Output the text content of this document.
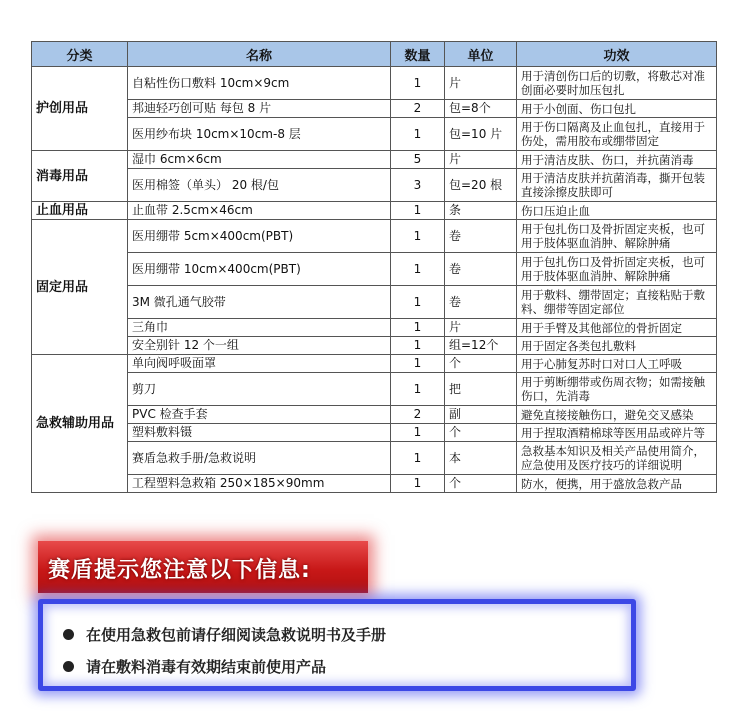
分类	名称	数量	单位	功效
护创用品	自粘性伤口敷料 10cm×9cm	1	片	用于清创伤口后的切敷，将敷芯对准创面必要时加压包扎
	邦迪轻巧创可贴 每包 8 片	2	包=8个	用于小创面、伤口包扎
	医用纱布块 10cm×10cm-8 层	1	包=10 片	用于伤口隔离及止血包扎，直接用于伤处，需用胶布或绷带固定
消毒用品	湿巾 6cm×6cm	5	片	用于清洁皮肤、伤口，并抗菌消毒
	医用棉签（单头） 20 根/包	3	包=20 根	用于清洁皮肤并抗菌消毒，撕开包装直接涂擦皮肤即可
止血用品	止血带 2.5cm×46cm	1	条	伤口压迫止血
固定用品	医用绷带 5cm×400cm(PBT)	1	卷	用于包扎伤口及骨折固定夹板，也可用于肢体驱血消肿、解除肿痛
	医用绷带 10cm×400cm(PBT)	1	卷	用于包扎伤口及骨折固定夹板，也可用于肢体驱血消肿、解除肿痛
	3M 微孔通气胶带	1	卷	用于敷料、绷带固定；直接粘贴于敷料、绷带等固定部位
	三角巾	1	片	用于手臂及其他部位的骨折固定
	安全别针 12 个一组	1	组=12个	用于固定各类包扎敷料
急救辅助用品	单向阀呼吸面罩	1	个	用于心肺复苏时口对口人工呼吸
	剪刀	1	把	用于剪断绷带或伤周衣物；如需接触伤口，先消毒
	PVC 检查手套	2	副	避免直接接触伤口，避免交叉感染
	塑料敷料镊	1	个	用于捏取酒精棉球等医用品或碎片等
	赛盾急救手册/急救说明	1	本	急救基本知识及相关产品使用简介，应急使用及医疗技巧的详细说明
	工程塑料急救箱 250×185×90mm	1	个	防水，便携，用于盛放急救产品
赛盾提示您注意以下信息:
在使用急救包前请仔细阅读急救说明书及手册
请在敷料消毒有效期结束前使用产品
